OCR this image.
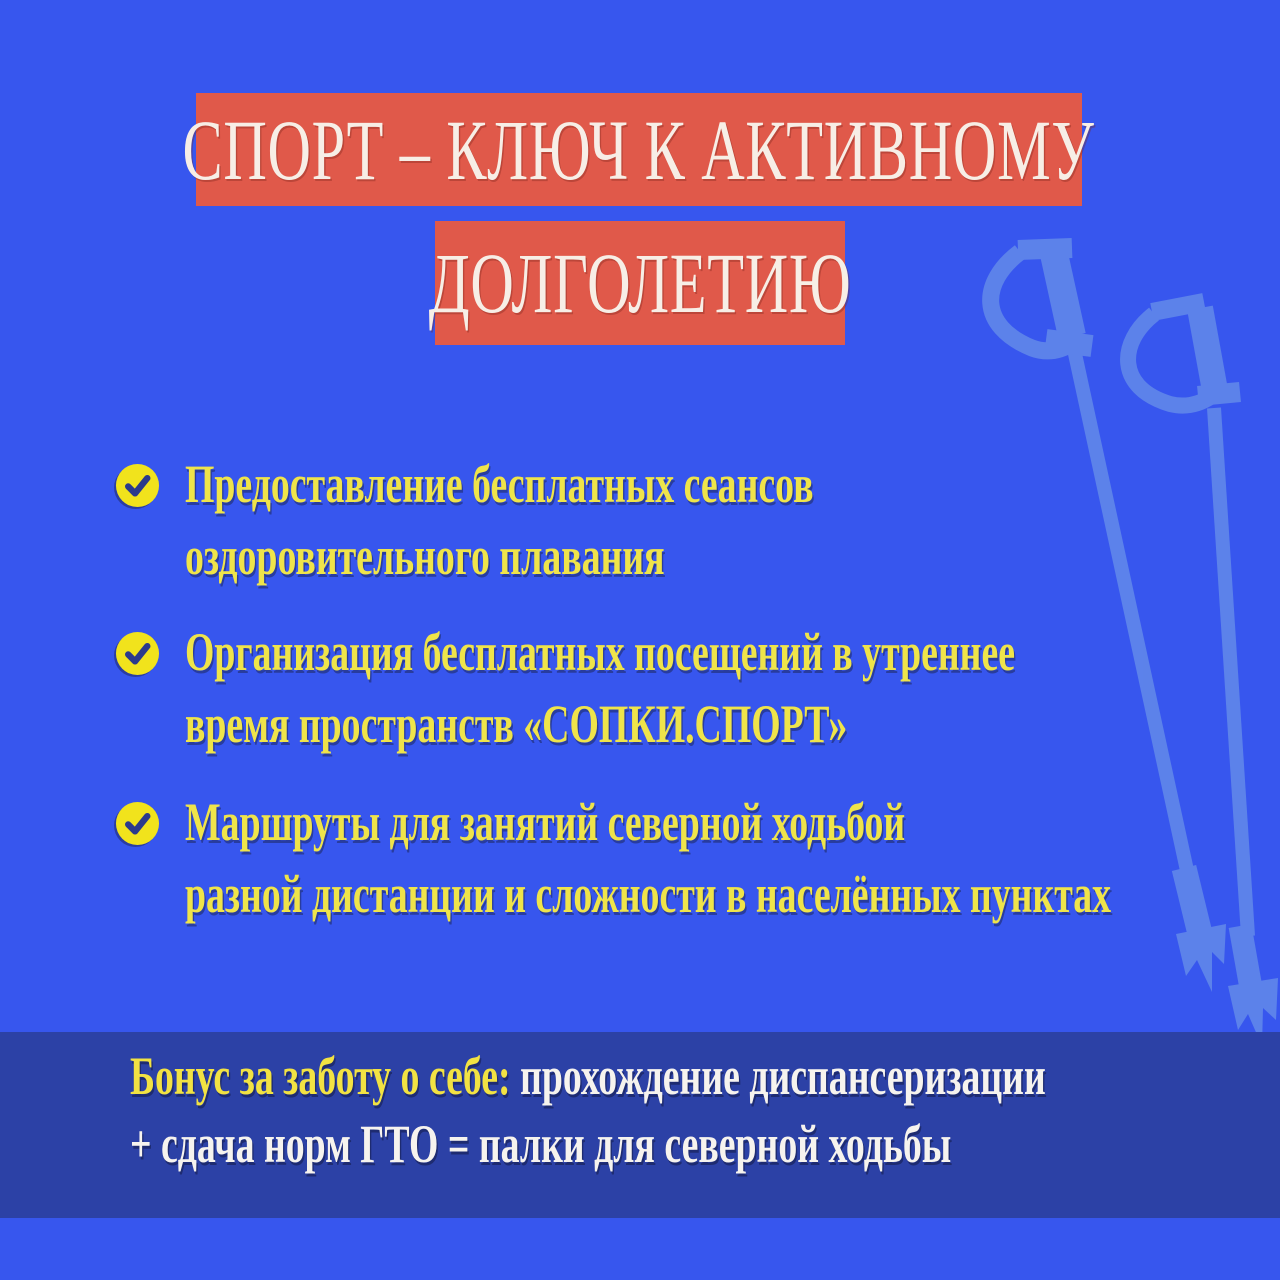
СПОРТ – КЛЮЧ К АКТИВНОМУ
ДОЛГОЛЕТИЮ
Предоставление бесплатных сеансов оздоровительного плавания
Организация бесплатных посещений в утреннее время пространств «СОПКИ.СПОРТ»
Маршруты для занятий северной ходьбой разной дистанции и сложности в населённых пунктах
Бонус за заботу о себе: прохождение диспансеризации + сдача норм ГТО = палки для северной ходьбы
